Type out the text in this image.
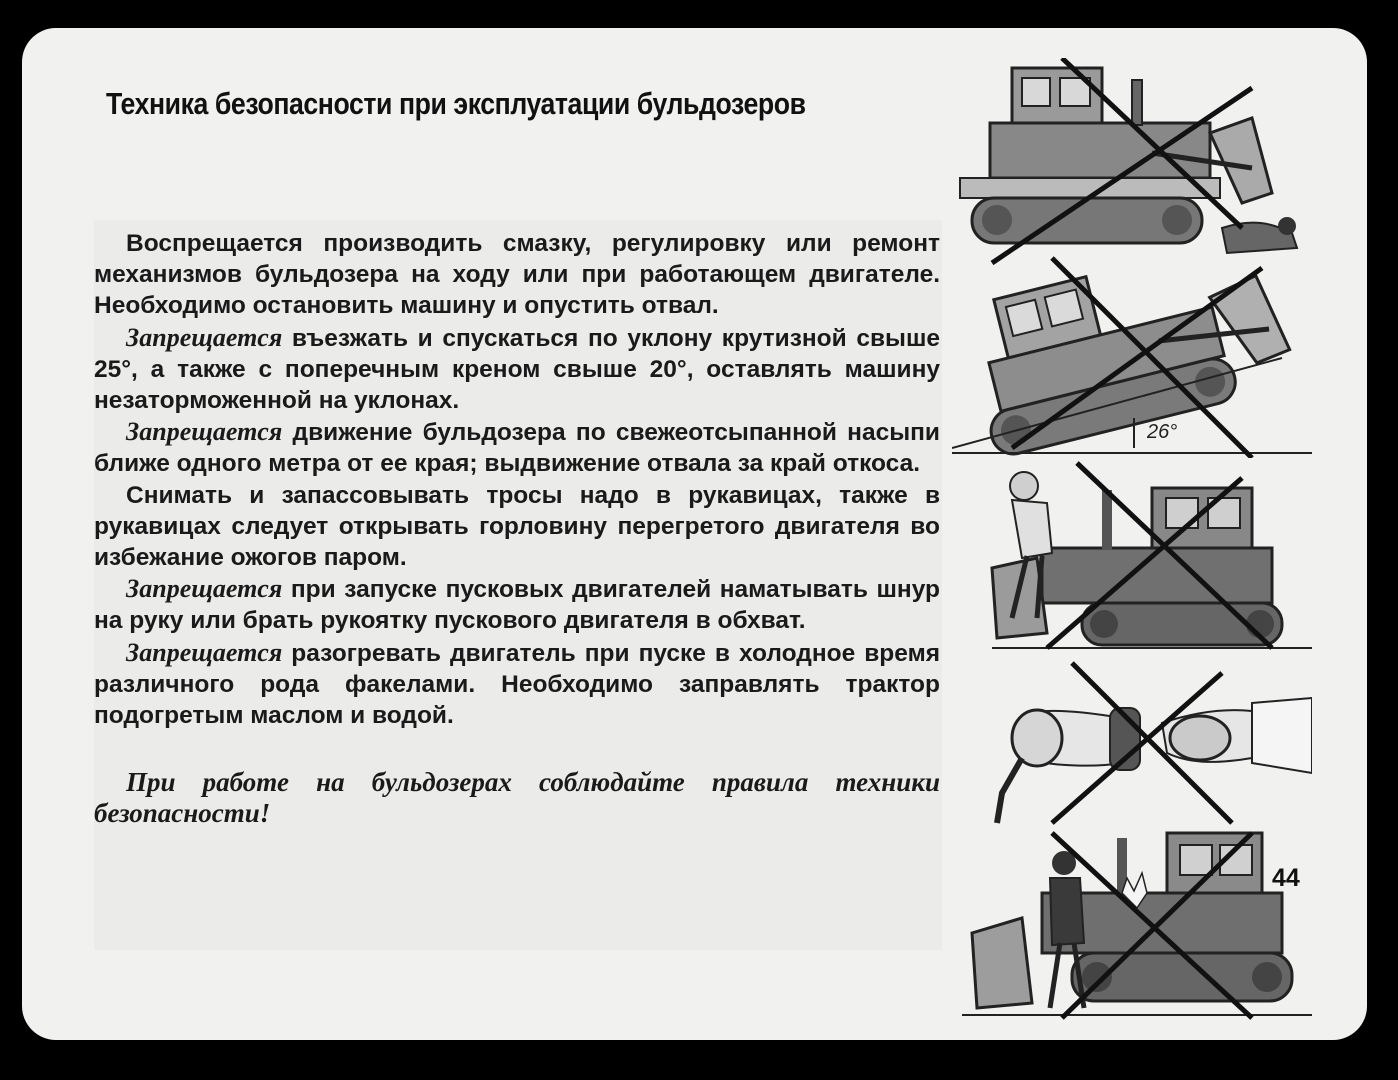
Техника безопасности при эксплуатации бульдозеров

Воспрещается производить смазку, регулировку или ремонт механизмов бульдозера на ходу или при работающем двигателе. Необходимо остановить машину и опустить отвал.

Запрещается въезжать и спускаться по уклону крутизной свыше 25°, а также с поперечным креном свыше 20°, оставлять машину незаторможенной на уклонах.

Запрещается движение бульдозера по свежеотсыпанной насыпи ближе одного метра от ее края; выдвижение отвала за край откоса.

Снимать и запассовывать тросы надо в рукавицах, также в рукавицах следует открывать горловину перегретого двигателя во избежание ожогов паром.

Запрещается при запуске пусковых двигателей наматывать шнур на руку или брать рукоятку пускового двигателя в обхват.

Запрещается разогревать двигатель при пуске в холодное время различного рода факелами. Необходимо заправлять трактор подогретым маслом и водой.

При работе на бульдозерах соблюдайте правила техники безопасности!

44
26°
